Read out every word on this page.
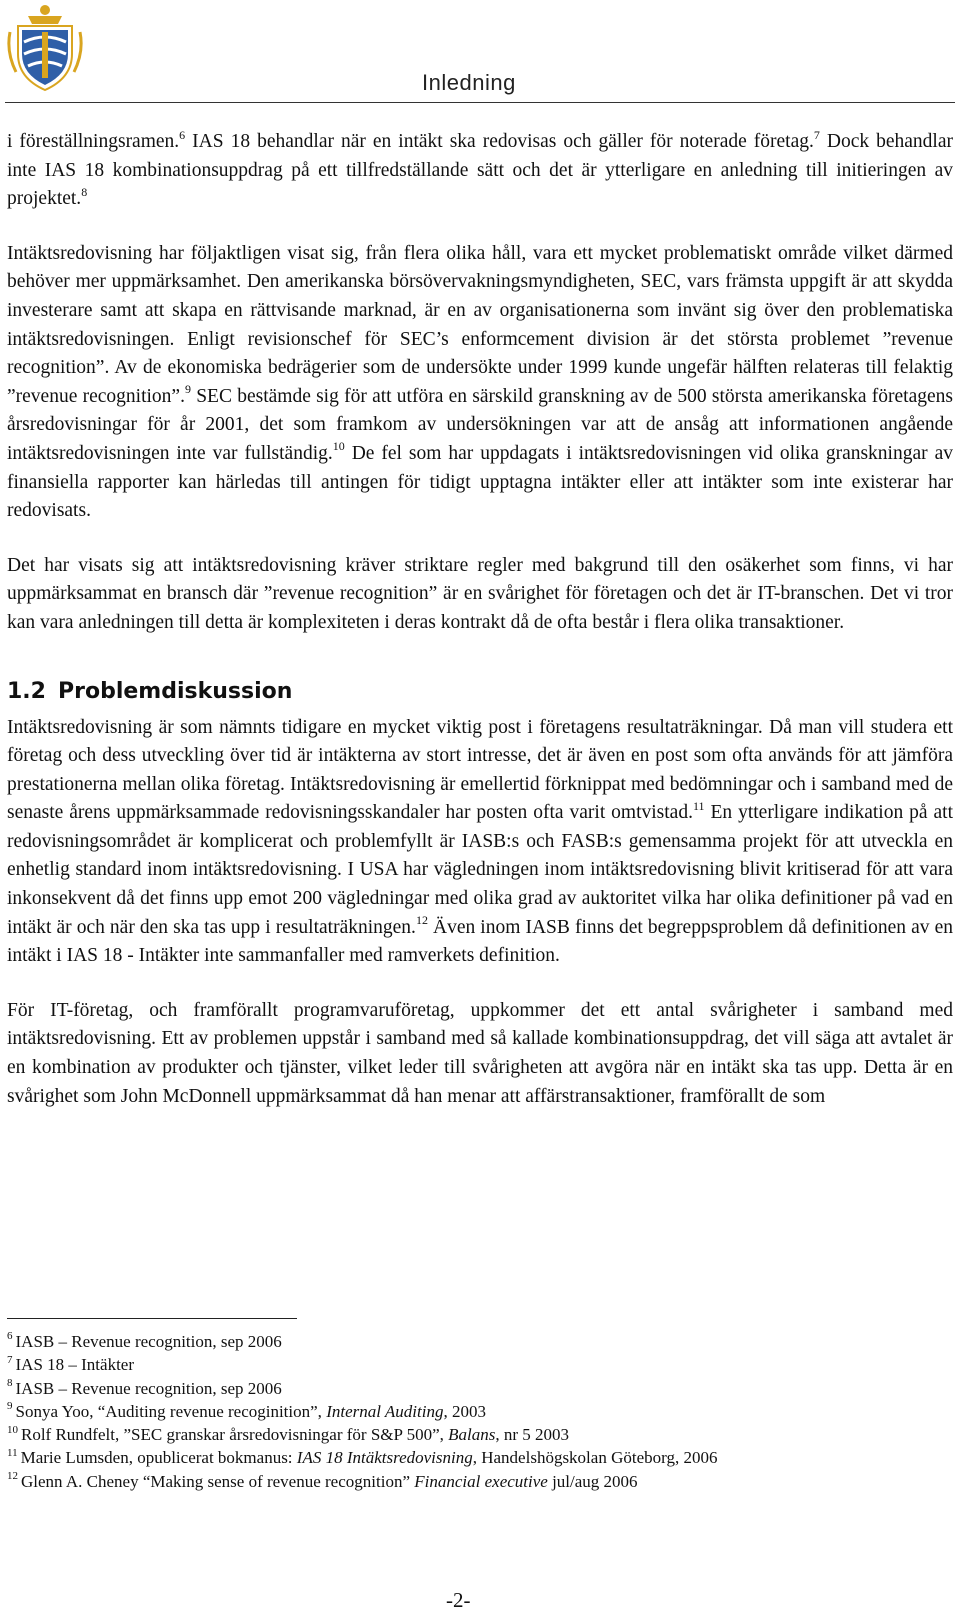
Inledning

i föreställningsramen.$^6$ IAS 18 behandlar när en intäkt ska redovisas och gäller för noterade företag.$^7$ Dock behandlar inte IAS 18 kombinationsuppdrag på ett tillfredställande sätt och det är ytterligare en anledning till initieringen av projektet.$^8$

Intäktsredovisning har följaktligen visat sig, från flera olika håll, vara ett mycket problematiskt område vilket därmed behöver mer uppmärksamhet. Den amerikanska börsövervakningsmyndigheten, SEC, vars främsta uppgift är att skydda investerare samt att skapa en rättvisande marknad, är en av organisationerna som invänt sig över den problematiska intäktsredovisningen. Enligt revisionschef för SEC’s enformcement division är det största problemet ”revenue recognition”. Av de ekonomiska bedrägerier som de undersökte under 1999 kunde ungefär hälften relateras till felaktig ”revenue recognition”.$^9$ SEC bestämde sig för att utföra en särskild granskning av de 500 största amerikanska företagens årsredovisningar för år 2001, det som framkom av undersökningen var att de ansåg att informationen angående intäktsredovisningen inte var fullständig.$^{10}$ De fel som har uppdagats i intäktsredovisningen vid olika granskningar av finansiella rapporter kan härledas till antingen för tidigt upptagna intäkter eller att intäkter som inte existerar har redovisats.

Det har visats sig att intäktsredovisning kräver striktare regler med bakgrund till den osäkerhet som finns, vi har uppmärksammat en bransch där ”revenue recognition” är en svårighet för företagen och det är IT-branschen. Det vi tror kan vara anledningen till detta är komplexiteten i deras kontrakt då de ofta består i flera olika transaktioner.

1.2 Problemdiskussion

Intäktsredovisning är som nämnts tidigare en mycket viktig post i företagens resultaträkningar. Då man vill studera ett företag och dess utveckling över tid är intäkterna av stort intresse, det är även en post som ofta används för att jämföra prestationerna mellan olika företag. Intäktsredovisning är emellertid förknippat med bedömningar och i samband med de senaste årens uppmärksammade redovisningsskandaler har posten ofta varit omtvistad.$^{11}$ En ytterligare indikation på att redovisningsområdet är komplicerat och problemfyllt är IASB:s och FASB:s gemensamma projekt för att utveckla en enhetlig standard inom intäktsredovisning. I USA har vägledningen inom intäktsredovisning blivit kritiserad för att vara inkonsekvent då det finns upp emot 200 vägledningar med olika grad av auktoritet vilka har olika definitioner på vad en intäkt är och när den ska tas upp i resultaträkningen.$^{12}$ Även inom IASB finns det begreppsproblem då definitionen av en intäkt i IAS 18 - Intäkter inte sammanfaller med ramverkets definition.

För IT-företag, och framförallt programvaruföretag, uppkommer det ett antal svårigheter i samband med intäktsredovisning. Ett av problemen uppstår i samband med så kallade kombinationsuppdrag, det vill säga att avtalet är en kombination av produkter och tjänster, vilket leder till svårigheten att avgöra när en intäkt ska tas upp. Detta är en svårighet som John McDonnell uppmärksammat då han menar att affärstransaktioner, framförallt de som

$^6$ IASB – Revenue recognition, sep 2006
$^7$ IAS 18 – Intäkter
$^8$ IASB – Revenue recognition, sep 2006
$^9$ Sonya Yoo, “Auditing revenue recoginition”, Internal Auditing, 2003
$^{10}$ Rolf Rundfelt, ”SEC granskar årsredovisningar för S&P 500”, Balans, nr 5 2003
$^{11}$ Marie Lumsden, opublicerat bokmanus: IAS 18 Intäktsredovisning, Handelshögskolan Göteborg, 2006
$^{12}$ Glenn A. Cheney “Making sense of revenue recognition” Financial executive jul/aug 2006
-2-
